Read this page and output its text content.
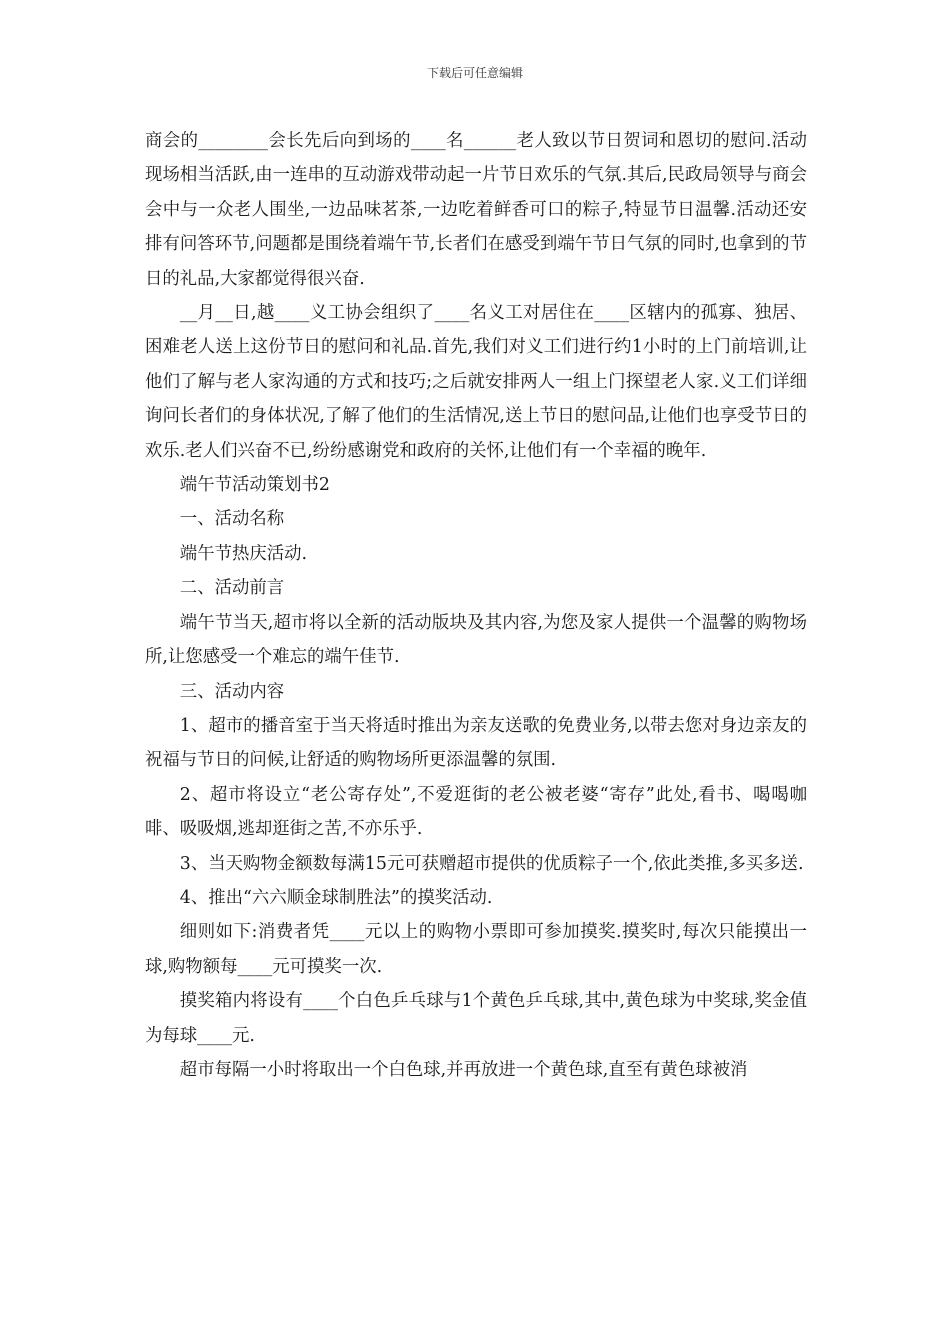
下载后可任意编辑

商会的________会长先后向到场的____名______老人致以节日贺词和恩切的慰问.活动现场相当活跃,由一连串的互动游戏带动起一片节日欢乐的气氛.其后,民政局领导与商会会中与一众老人围坐,一边品味茗茶,一边吃着鲜香可口的粽子,特显节日温馨.活动还安排有问答环节,问题都是围绕着端午节,长者们在感受到端午节日气氛的同时,也拿到的节日的礼品,大家都觉得很兴奋.

__月__日,越____义工协会组织了____名义工对居住在____区辖内的孤寡、独居、困难老人送上这份节日的慰问和礼品.首先,我们对义工们进行约1小时的上门前培训,让他们了解与老人家沟通的方式和技巧;之后就安排两人一组上门探望老人家.义工们详细询问长者们的身体状况,了解了他们的生活情况,送上节日的慰问品,让他们也享受节日的欢乐.老人们兴奋不已,纷纷感谢党和政府的关怀,让他们有一个幸福的晚年.

端午节活动策划书2

一、活动名称

端午节热庆活动.

二、活动前言

端午节当天,超市将以全新的活动版块及其内容,为您及家人提供一个温馨的购物场所,让您感受一个难忘的端午佳节.

三、活动内容

1、超市的播音室于当天将适时推出为亲友送歌的免费业务,以带去您对身边亲友的祝福与节日的问候,让舒适的购物场所更添温馨的氛围.

2、超市将设立“老公寄存处”,不爱逛街的老公被老婆“寄存”此处,看书、喝喝咖啡、吸吸烟,逃却逛街之苦,不亦乐乎.

3、当天购物金额数每满15元可获赠超市提供的优质粽子一个,依此类推,多买多送.

4、推出“六六顺金球制胜法”的摸奖活动.

细则如下:消费者凭____元以上的购物小票即可参加摸奖.摸奖时,每次只能摸出一球,购物额每____元可摸奖一次.

摸奖箱内将设有____个白色乒乓球与1个黄色乒乓球,其中,黄色球为中奖球,奖金值为每球____元.

超市每隔一小时将取出一个白色球,并再放进一个黄色球,直至有黄色球被消
